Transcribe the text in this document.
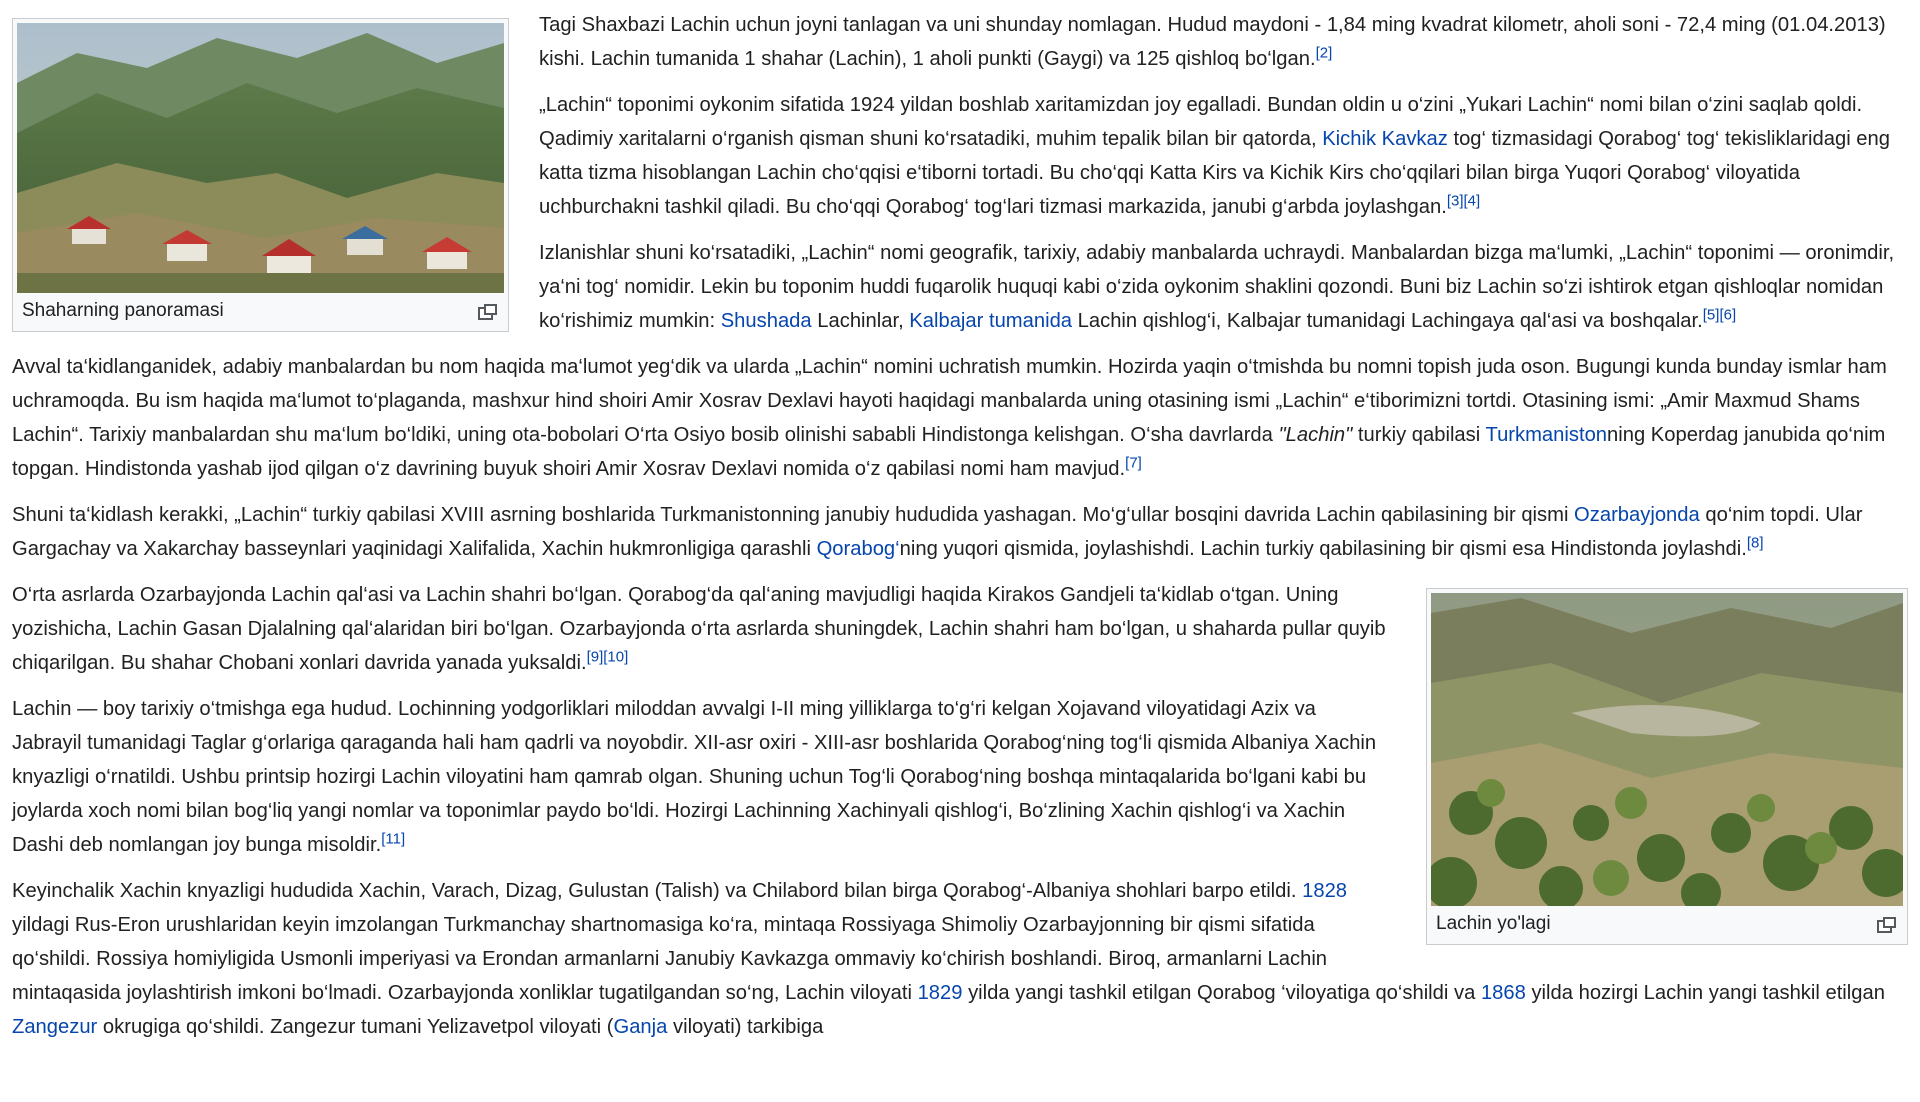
Shaharning panoramasi

Tagi Shaxbazi Lachin uchun joyni tanlagan va uni shunday nomlagan. Hudud maydoni - 1,84 ming kvadrat kilometr, aholi soni - 72,4 ming (01.04.2013) kishi. Lachin tumanida 1 shahar (Lachin), 1 aholi punkti (Gaygi) va 125 qishloq bo‘lgan.[2]

„Lachin“ toponimi oykonim sifatida 1924 yildan boshlab xaritamizdan joy egalladi. Bundan oldin u o‘zini „Yukari Lachin“ nomi bilan o‘zini saqlab qoldi. Qadimiy xaritalarni o‘rganish qisman shuni ko‘rsatadiki, muhim tepalik bilan bir qatorda, Kichik Kavkaz tog‘ tizmasidagi Qorabog‘ tog‘ tekisliklaridagi eng katta tizma hisoblangan Lachin cho‘qqisi e‘tiborni tortadi. Bu cho‘qqi Katta Kirs va Kichik Kirs cho‘qqilari bilan birga Yuqori Qorabog‘ viloyatida uchburchakni tashkil qiladi. Bu cho‘qqi Qorabog‘ tog‘lari tizmasi markazida, janubi g‘arbda joylashgan.[3][4]

Izlanishlar shuni ko‘rsatadiki, „Lachin“ nomi geografik, tarixiy, adabiy manbalarda uchraydi. Manbalardan bizga ma‘lumki, „Lachin“ toponimi — oronimdir, ya‘ni tog‘ nomidir. Lekin bu toponim huddi fuqarolik huquqi kabi o‘zida oykonim shaklini qozondi. Buni biz Lachin so‘zi ishtirok etgan qishloqlar nomidan ko‘rishimiz mumkin: Shushada Lachinlar, Kalbajar tumanida Lachin qishlog‘i, Kalbajar tumanidagi Lachingaya qal‘asi va boshqalar.[5][6]

Avval ta‘kidlanganidek, adabiy manbalardan bu nom haqida ma‘lumot yeg‘dik va ularda „Lachin“ nomini uchratish mumkin. Hozirda yaqin o‘tmishda bu nomni topish juda oson. Bugungi kunda bunday ismlar ham uchramoqda. Bu ism haqida ma‘lumot to‘plaganda, mashxur hind shoiri Amir Xosrav Dexlavi hayoti haqidagi manbalarda uning otasining ismi „Lachin“ e‘tiborimizni tortdi. Otasining ismi: „Amir Maxmud Shams Lachin“. Tarixiy manbalardan shu ma‘lum bo‘ldiki, uning ota-bobolari O‘rta Osiyo bosib olinishi sababli Hindistonga kelishgan. O‘sha davrlarda "Lachin" turkiy qabilasi Turkmanistonning Koperdag janubida qo‘nim topgan. Hindistonda yashab ijod qilgan o‘z davrining buyuk shoiri Amir Xosrav Dexlavi nomida o‘z qabilasi nomi ham mavjud.[7]

Shuni ta‘kidlash kerakki, „Lachin“ turkiy qabilasi XVIII asrning boshlarida Turkmanistonning janubiy hududida yashagan. Mo‘g‘ullar bosqini davrida Lachin qabilasining bir qismi Ozarbayjonda qo‘nim topdi. Ular Gargachay va Xakarchay basseynlari yaqinidagi Xalifalida, Xachin hukmronligiga qarashli Qorabog‘ning yuqori qismida, joylashishdi. Lachin turkiy qabilasining bir qismi esa Hindistonda joylashdi.[8]

Lachin yo'lagi

O‘rta asrlarda Ozarbayjonda Lachin qal‘asi va Lachin shahri bo‘lgan. Qorabog‘da qal‘aning mavjudligi haqida Kirakos Gandjeli ta‘kidlab o‘tgan. Uning yozishicha, Lachin Gasan Djalalning qal‘alaridan biri bo‘lgan. Ozarbayjonda o‘rta asrlarda shuningdek, Lachin shahri ham bo‘lgan, u shaharda pullar quyib chiqarilgan. Bu shahar Chobani xonlari davrida yanada yuksaldi.[9][10]

Lachin — boy tarixiy o‘tmishga ega hudud. Lochinning yodgorliklari miloddan avvalgi I-II ming yilliklarga to‘g‘ri kelgan Xojavand viloyatidagi Azix va Jabrayil tumanidagi Taglar g‘orlariga qaraganda hali ham qadrli va noyobdir. XII-asr oxiri - XIII-asr boshlarida Qorabog‘ning tog‘li qismida Albaniya Xachin knyazligi o‘rnatildi. Ushbu printsip hozirgi Lachin viloyatini ham qamrab olgan. Shuning uchun Tog‘li Qorabog‘ning boshqa mintaqalarida bo‘lgani kabi bu joylarda xoch nomi bilan bog‘liq yangi nomlar va toponimlar paydo bo‘ldi. Hozirgi Lachinning Xachinyali qishlog‘i, Bo‘zlining Xachin qishlog‘i va Xachin Dashi deb nomlangan joy bunga misoldir.[11]

Keyinchalik Xachin knyazligi hududida Xachin, Varach, Dizag, Gulustan (Talish) va Chilabord bilan birga Qorabog‘-Albaniya shohlari barpo etildi. 1828 yildagi Rus-Eron urushlaridan keyin imzolangan Turkmanchay shartnomasiga ko‘ra, mintaqa Rossiyaga Shimoliy Ozarbayjonning bir qismi sifatida qo‘shildi. Rossiya homiyligida Usmonli imperiyasi va Erondan armanlarni Janubiy Kavkazga ommaviy ko‘chirish boshlandi. Biroq, armanlarni Lachin mintaqasida joylashtirish imkoni bo‘lmadi. Ozarbayjonda xonliklar tugatilgandan so‘ng, Lachin viloyati 1829 yilda yangi tashkil etilgan Qorabog ‘viloyatiga qo‘shildi va 1868 yilda hozirgi Lachin yangi tashkil etilgan Zangezur okrugiga qo‘shildi. Zangezur tumani Yelizavetpol viloyati (Ganja viloyati) tarkibiga
